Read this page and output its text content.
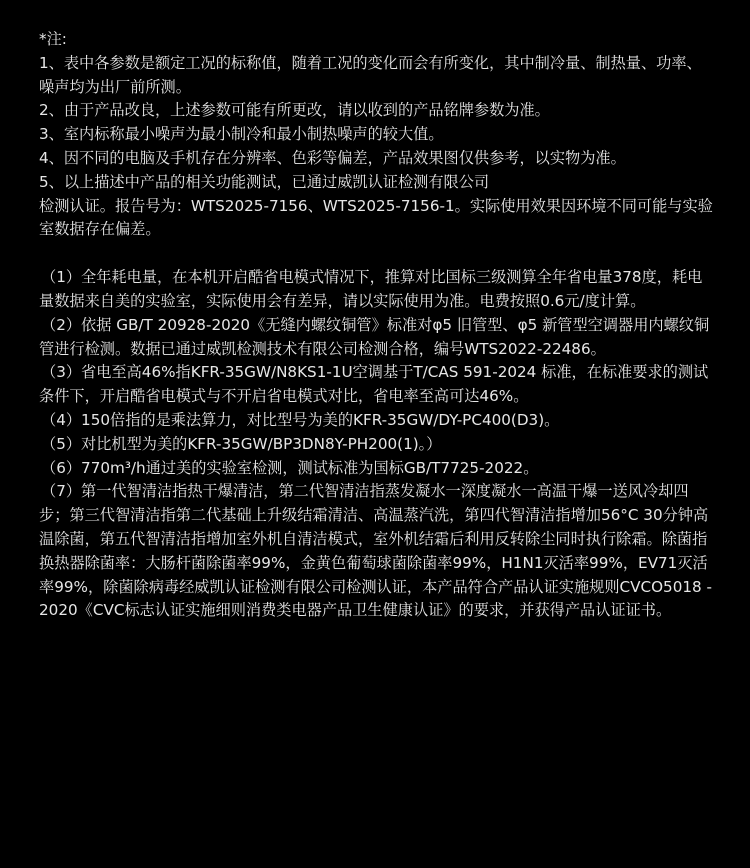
*注:

1、表中各参数是额定工况的标称值，随着工况的变化而会有所变化，其中制冷量、制热量、功率、噪声均为出厂前所测。

2、由于产品改良，上述参数可能有所更改，请以收到的产品铭牌参数为准。

3、室内标称最小噪声为最小制冷和最小制热噪声的较大值。

4、因不同的电脑及手机存在分辨率、色彩等偏差，产品效果图仅供参考，以实物为准。

5、以上描述中产品的相关功能测试，已通过威凯认证检测有限公司

检测认证。报告号为：WTS2025-7156、WTS2025-7156-1。实际使用效果因环境不同可能与实验室数据存在偏差。

（1）全年耗电量，在本机开启酷省电模式情况下，推算对比国标三级测算全年省电量378度，耗电量数据来自美的实验室，实际使用会有差异，请以实际使用为准。电费按照0.6元/度计算。

（2）依据 GB/T 20928-2020《无缝内螺纹铜管》标准对φ5 旧管型、φ5 新管型空调器用内螺纹铜管进行检测。数据已通过威凯检测技术有限公司检测合格，编号WTS2022-22486。

（3）省电至高46%指KFR-35GW/N8KS1-1U空调基于T/CAS 591-2024 标准，在标准要求的测试条件下，开启酷省电模式与不开启省电模式对比，省电率至高可达46%。

（4）150倍指的是乘法算力，对比型号为美的KFR-35GW/DY-PC400(D3)。

（5）对比机型为美的KFR-35GW/BP3DN8Y-PH200(1)。）

（6）770m³/h通过美的实验室检测，测试标准为国标GB/T7725-2022。

（7）第一代智清洁指热干爆清洁，第二代智清洁指蒸发凝水一深度凝水一高温干爆一送风冷却四步；第三代智清洁指第二代基础上升级结霜清洁、高温蒸汽洗，第四代智清洁指增加56°C 30分钟高温除菌，第五代智清洁指增加室外机自清洁模式，室外机结霜后利用反转除尘同时执行除霜。除菌指换热器除菌率：大肠杆菌除菌率99%，金黄色葡萄球菌除菌率99%，H1N1灭活率99%，EV71灭活率99%，除菌除病毒经威凯认证检测有限公司检测认证，本产品符合产品认证实施规则CVCO5018 -2020《CVC标志认证实施细则消费类电器产品卫生健康认证》的要求，并获得产品认证证书。
